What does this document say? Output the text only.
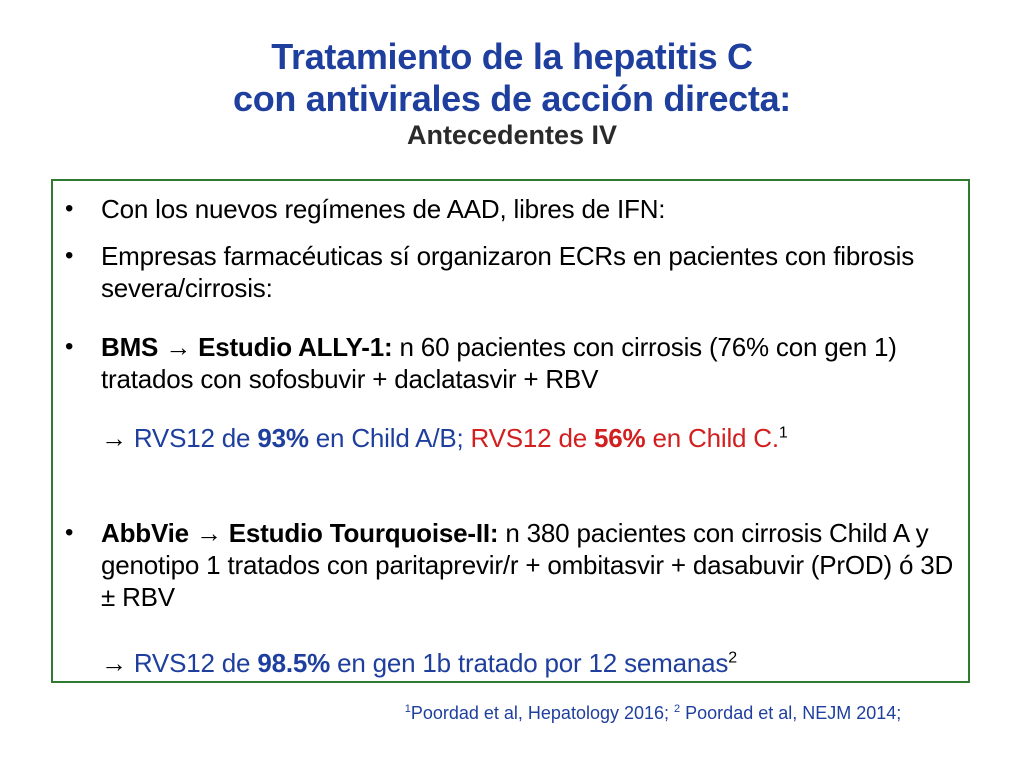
Tratamiento de la hepatitis C
con antivirales de acción directa:
Antecedentes IV
• Con los nuevos regímenes de AAD, libres de IFN:
• Empresas farmacéuticas sí organizaron ECRs en pacientes con fibrosis severa/cirrosis:
• BMS → Estudio ALLY-1: n 60 pacientes con cirrosis (76% con gen 1) tratados con sofosbuvir + daclatasvir + RBV
→ RVS12 de 93% en Child A/B; RVS12 de 56% en Child C.$^1$
• AbbVie → Estudio Tourquoise-II: n 380 pacientes con cirrosis Child A y genotipo 1 tratados con paritaprevir/r + ombitasvir + dasabuvir (PrOD) ó 3D ± RBV
→ RVS12 de 98.5% en gen 1b tratado por 12 semanas$^2$
$^1$Poordad et al, Hepatology 2016; $^2$ Poordad et al, NEJM 2014;
